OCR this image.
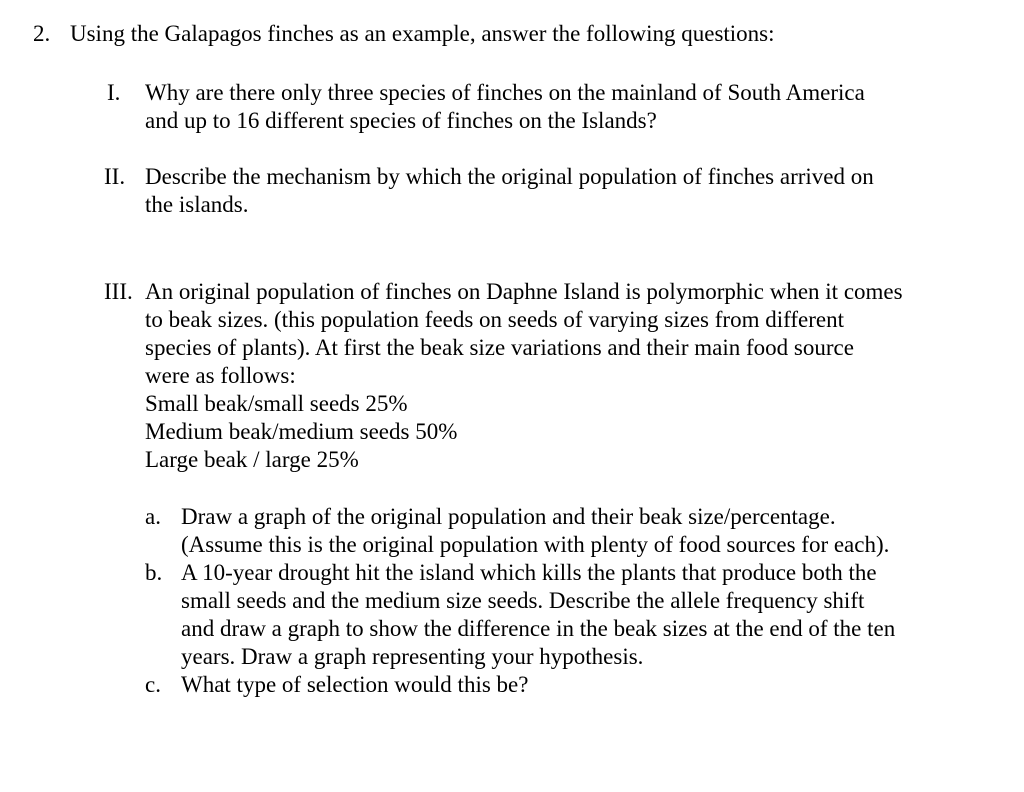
2. Using the Galapagos finches as an example, answer the following questions:
I. Why are there only three species of finches on the mainland of South America
and up to 16 different species of finches on the Islands?
II. Describe the mechanism by which the original population of finches arrived on
the islands.
III. An original population of finches on Daphne Island is polymorphic when it comes
to beak sizes. (this population feeds on seeds of varying sizes from different
species of plants). At first the beak size variations and their main food source
were as follows:
Small beak/small seeds 25%
Medium beak/medium seeds 50%
Large beak / large 25%
a. Draw a graph of the original population and their beak size/percentage.
(Assume this is the original population with plenty of food sources for each).
b. A 10-year drought hit the island which kills the plants that produce both the
small seeds and the medium size seeds. Describe the allele frequency shift
and draw a graph to show the difference in the beak sizes at the end of the ten
years. Draw a graph representing your hypothesis.
c. What type of selection would this be?
